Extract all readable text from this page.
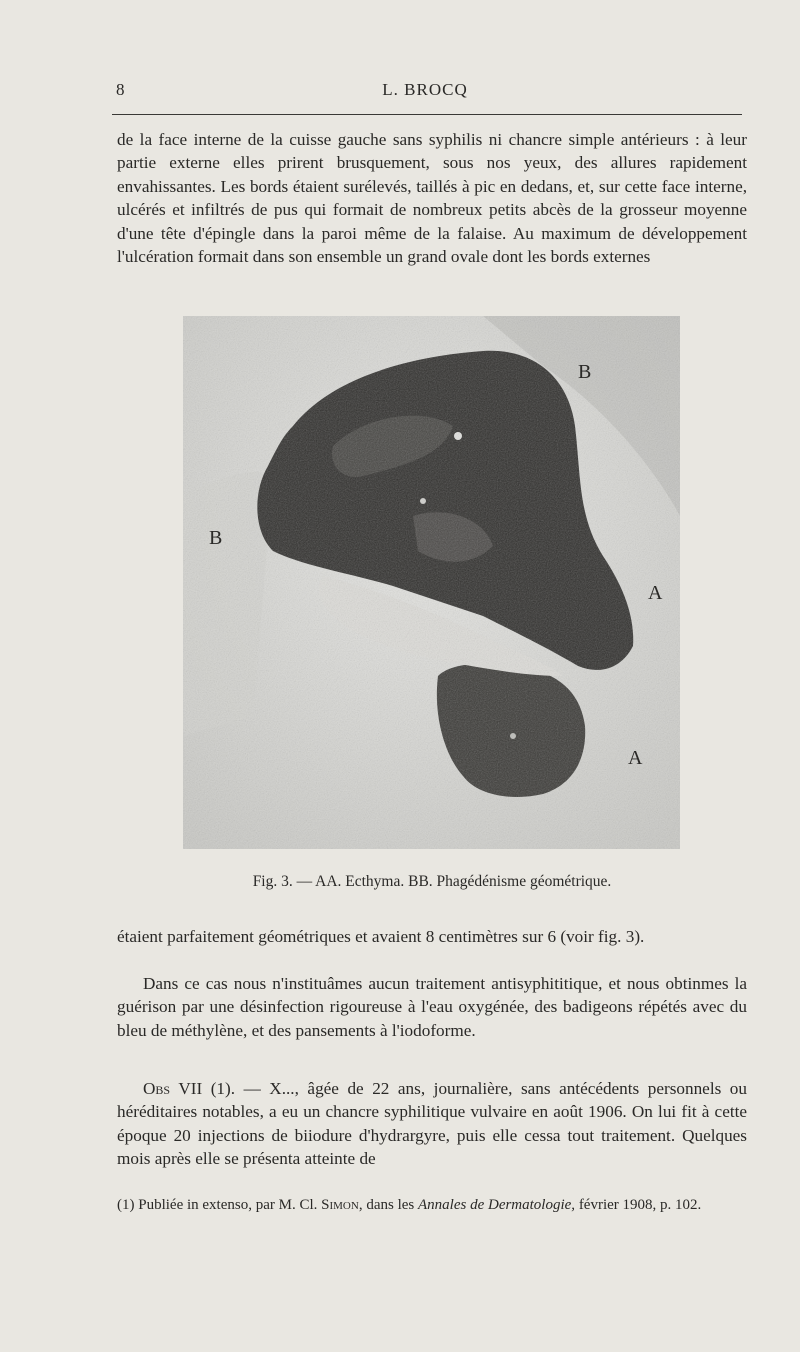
8	L. BROCQ

de la face interne de la cuisse gauche sans syphilis ni chancre simple antérieurs : à leur partie externe elles prirent brusquement, sous nos yeux, des allures rapidement envahissantes. Les bords étaient surélevés, taillés à pic en dedans, et, sur cette face interne, ulcérés et infiltrés de pus qui formait de nombreux petits abcès de la grosseur moyenne d'une tête d'épingle dans la paroi même de la falaise. Au maximum de développement l'ulcération formait dans son ensemble un grand ovale dont les bords externes

B
B
A
A
Fig. 3. — AA. Ecthyma. BB. Phagédénisme géométrique.

étaient parfaitement géométriques et avaient 8 centimètres sur 6 (voir fig. 3).

Dans ce cas nous n'instituâmes aucun traitement antisyphititique, et nous obtinmes la guérison par une désinfection rigoureuse à l'eau oxygénée, des badigeons répétés avec du bleu de méthylène, et des pansements à l'iodoforme.

Obs VII (1). — X..., âgée de 22 ans, journalière, sans antécédents personnels ou héréditaires notables, a eu un chancre syphilitique vulvaire en août 1906. On lui fit à cette époque 20 injections de biiodure d'hydrargyre, puis elle cessa tout traitement. Quelques mois après elle se présenta atteinte de

(1) Publiée in extenso, par M. Cl. Simon, dans les Annales de Dermatologie, février 1908, p. 102.
